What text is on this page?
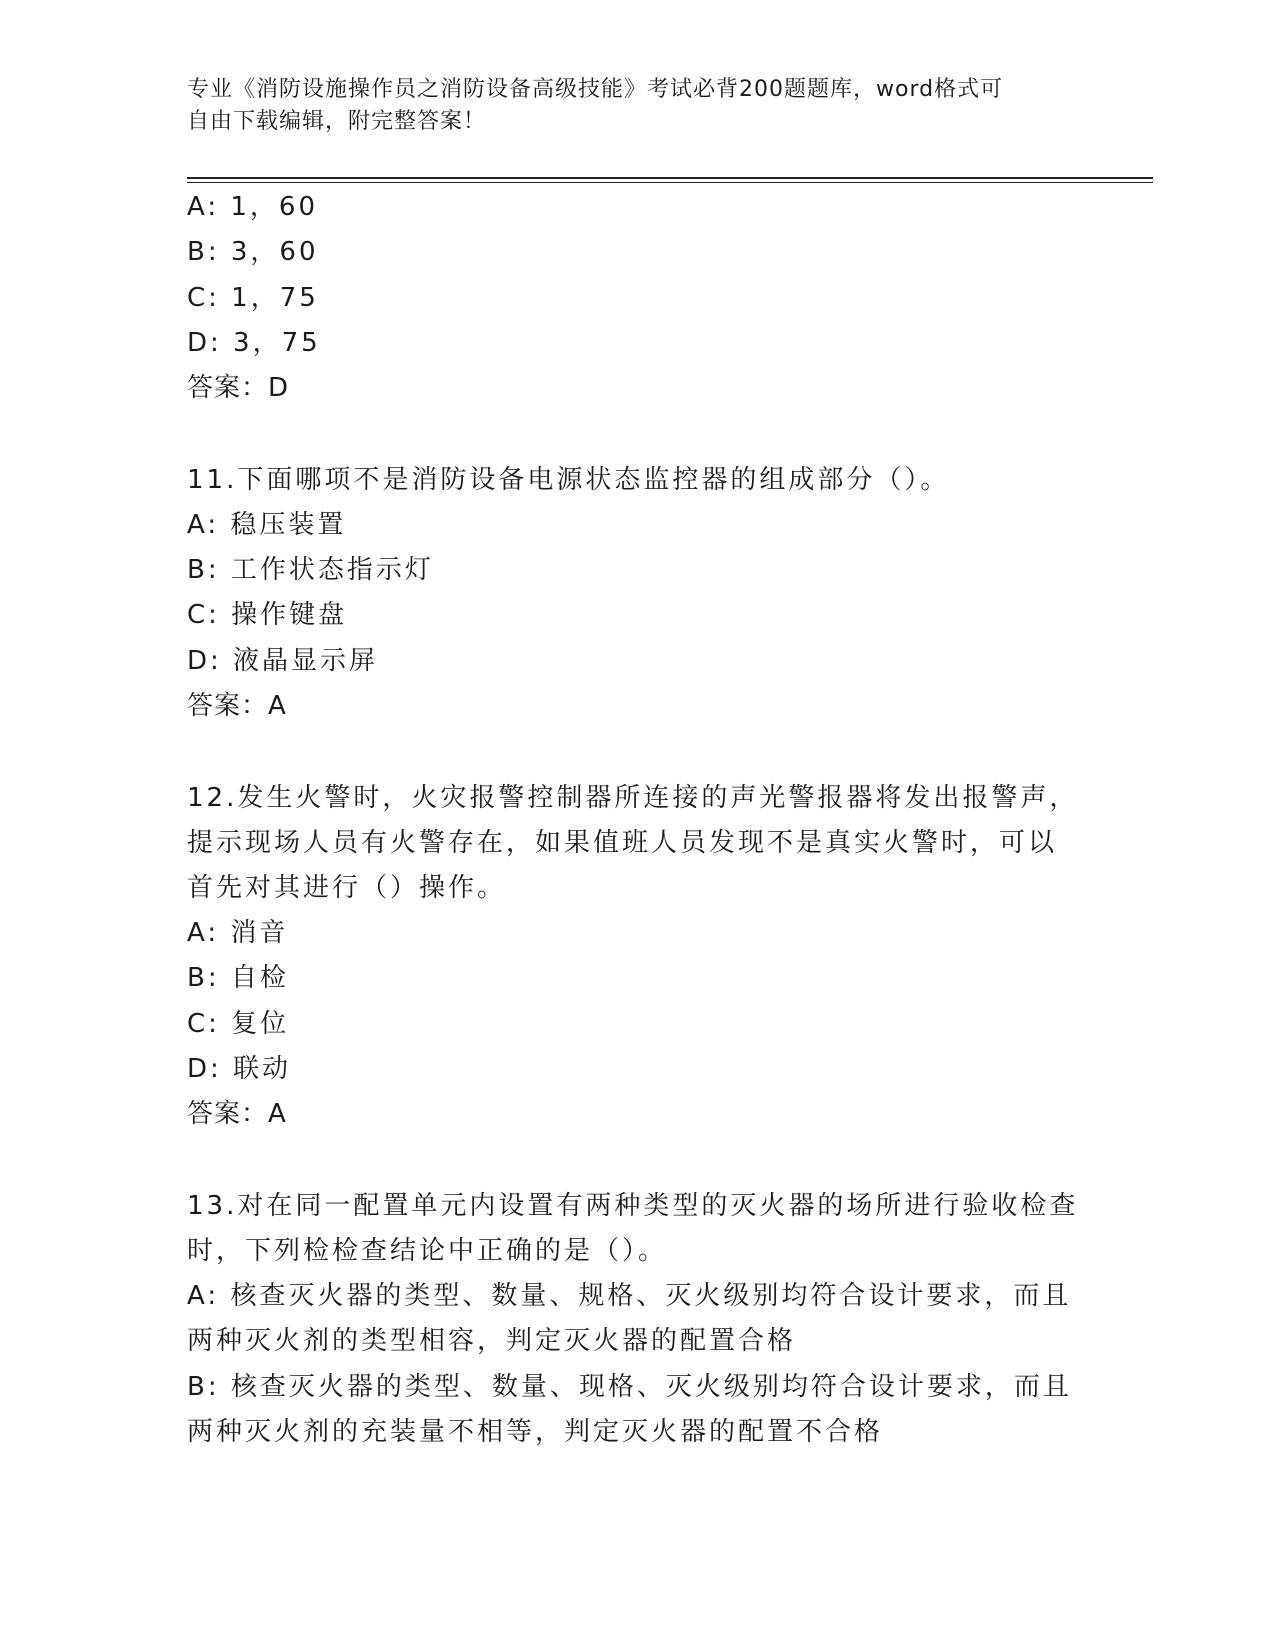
专业《消防设施操作员之消防设备高级技能》考试必背200题题库，word格式可
自由下载编辑，附完整答案！
A: 1，60
B: 3，60
C: 1，75
D: 3，75
答案：D
11.下面哪项不是消防设备电源状态监控器的组成部分（）。
A: 稳压装置
B: 工作状态指示灯
C: 操作键盘
D: 液晶显示屏
答案：A
12.发生火警时，火灾报警控制器所连接的声光警报器将发出报警声，
提示现场人员有火警存在，如果值班人员发现不是真实火警时，可以
首先对其进行（）操作。
A: 消音
B: 自检
C: 复位
D: 联动
答案：A
13.对在同一配置单元内设置有两种类型的灭火器的场所进行验收检查
时，下列检检查结论中正确的是（）。
A: 核查灭火器的类型、数量、规格、灭火级别均符合设计要求，而且
两种灭火剂的类型相容，判定灭火器的配置合格
B: 核查灭火器的类型、数量、现格、灭火级别均符合设计要求，而且
两种灭火剂的充装量不相等，判定灭火器的配置不合格
